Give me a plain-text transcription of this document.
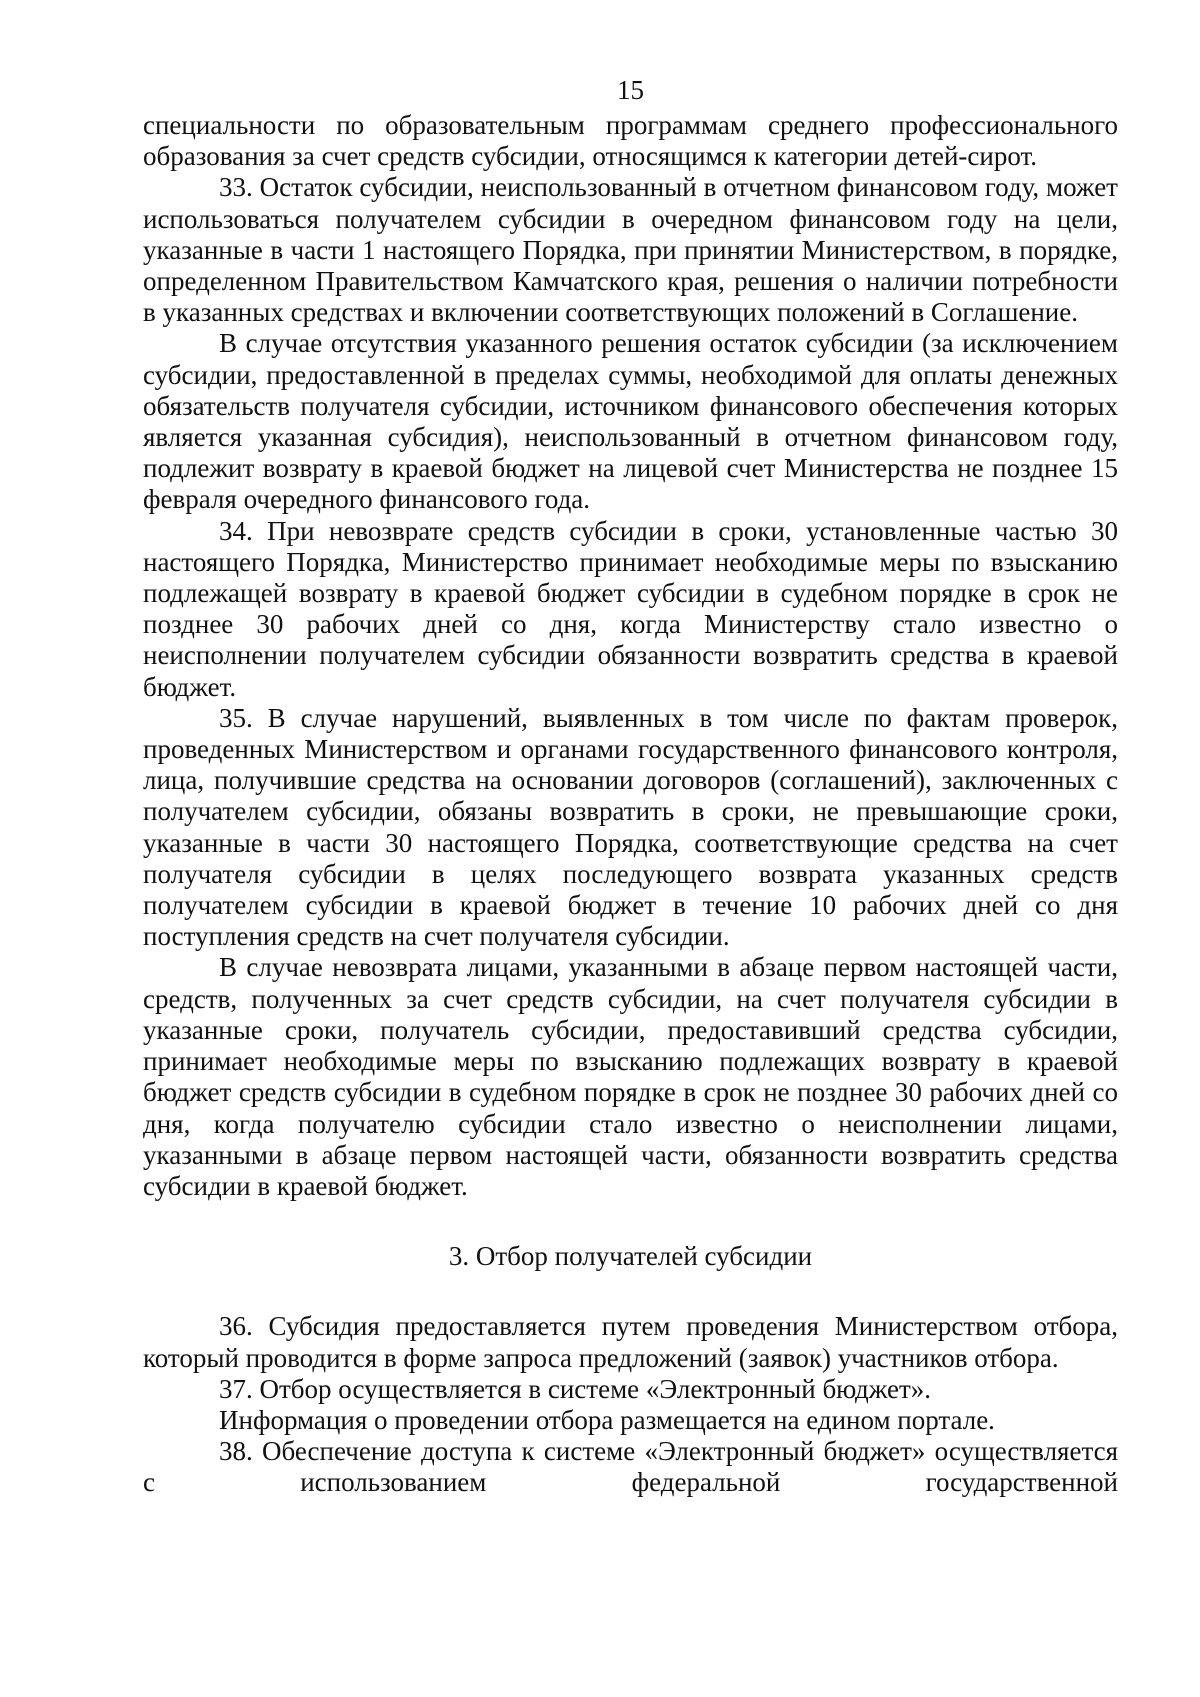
15

специальности по образовательным программам среднего профессионального образования за счет средств субсидии, относящимся к категории детей-сирот.

33. Остаток субсидии, неиспользованный в отчетном финансовом году, может использоваться получателем субсидии в очередном финансовом году на цели, указанные в части 1 настоящего Порядка, при принятии Министерством, в порядке, определенном Правительством Камчатского края, решения о наличии потребности в указанных средствах и включении соответствующих положений в Соглашение.

В случае отсутствия указанного решения остаток субсидии (за исключением субсидии, предоставленной в пределах суммы, необходимой для оплаты денежных обязательств получателя субсидии, источником финансового обеспечения которых является указанная субсидия), неиспользованный в отчетном финансовом году, подлежит возврату в краевой бюджет на лицевой счет Министерства не позднее 15 февраля очередного финансового года.

34. При невозврате средств субсидии в сроки, установленные частью 30 настоящего Порядка, Министерство принимает необходимые меры по взысканию подлежащей возврату в краевой бюджет субсидии в судебном порядке в срок не позднее 30 рабочих дней со дня, когда Министерству стало известно о неисполнении получателем субсидии обязанности возвратить средства в краевой бюджет.

35. В случае нарушений, выявленных в том числе по фактам проверок, проведенных Министерством и органами государственного финансового контроля, лица, получившие средства на основании договоров (соглашений), заключенных с получателем субсидии, обязаны возвратить в сроки, не превышающие сроки, указанные в части 30 настоящего Порядка, соответствующие средства на счет получателя субсидии в целях последующего возврата указанных средств получателем субсидии в краевой бюджет в течение 10 рабочих дней со дня поступления средств на счет получателя субсидии.

В случае невозврата лицами, указанными в абзаце первом настоящей части, средств, полученных за счет средств субсидии, на счет получателя субсидии в указанные сроки, получатель субсидии, предоставивший средства субсидии, принимает необходимые меры по взысканию подлежащих возврату в краевой бюджет средств субсидии в судебном порядке в срок не позднее 30 рабочих дней со дня, когда получателю субсидии стало известно о неисполнении лицами, указанными в абзаце первом настоящей части, обязанности возвратить средства субсидии в краевой бюджет.

3. Отбор получателей субсидии

36. Субсидия предоставляется путем проведения Министерством отбора, который проводится в форме запроса предложений (заявок) участников отбора.

37. Отбор осуществляется в системе «Электронный бюджет».

Информация о проведении отбора размещается на едином портале.

38. Обеспечение доступа к системе «Электронный бюджет» осуществляется с использованием федеральной государственной
